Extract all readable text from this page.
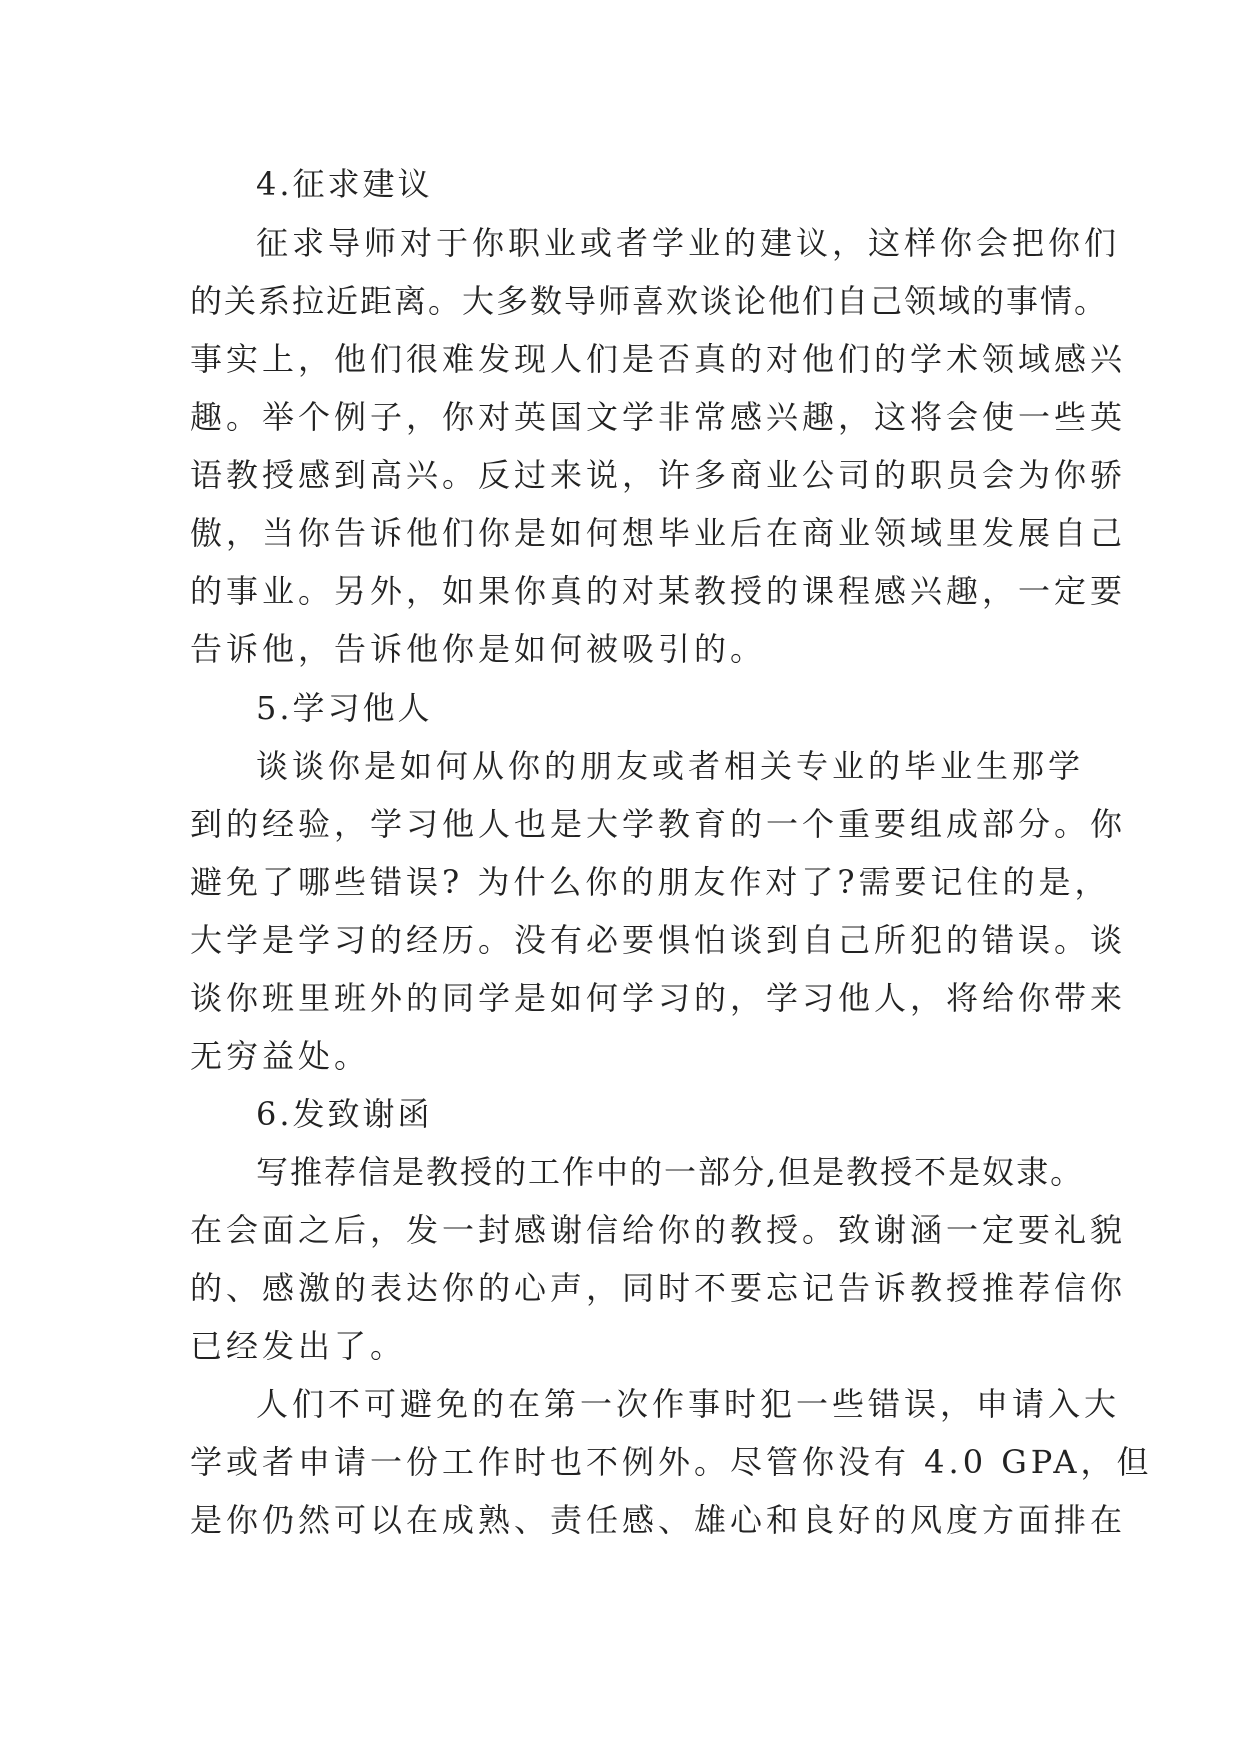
4.征求建议
征求导师对于你职业或者学业的建议，这样你会把你们
的关系拉近距离。大多数导师喜欢谈论他们自己领域的事情。
事实上，他们很难发现人们是否真的对他们的学术领域感兴
趣。举个例子，你对英国文学非常感兴趣，这将会使一些英
语教授感到高兴。反过来说，许多商业公司的职员会为你骄
傲，当你告诉他们你是如何想毕业后在商业领域里发展自己
的事业。另外，如果你真的对某教授的课程感兴趣，一定要
告诉他，告诉他你是如何被吸引的。
5.学习他人
谈谈你是如何从你的朋友或者相关专业的毕业生那学
到的经验，学习他人也是大学教育的一个重要组成部分。你
避免了哪些错误? 为什么你的朋友作对了?需要记住的是，
大学是学习的经历。没有必要惧怕谈到自己所犯的错误。谈
谈你班里班外的同学是如何学习的，学习他人，将给你带来
无穷益处。
6.发致谢函
写推荐信是教授的工作中的一部分,但是教授不是奴隶。
在会面之后，发一封感谢信给你的教授。致谢涵一定要礼貌
的、感激的表达你的心声，同时不要忘记告诉教授推荐信你
已经发出了。
人们不可避免的在第一次作事时犯一些错误，申请入大
学或者申请一份工作时也不例外。尽管你没有 4.0 GPA，但
是你仍然可以在成熟、责任感、雄心和良好的风度方面排在
